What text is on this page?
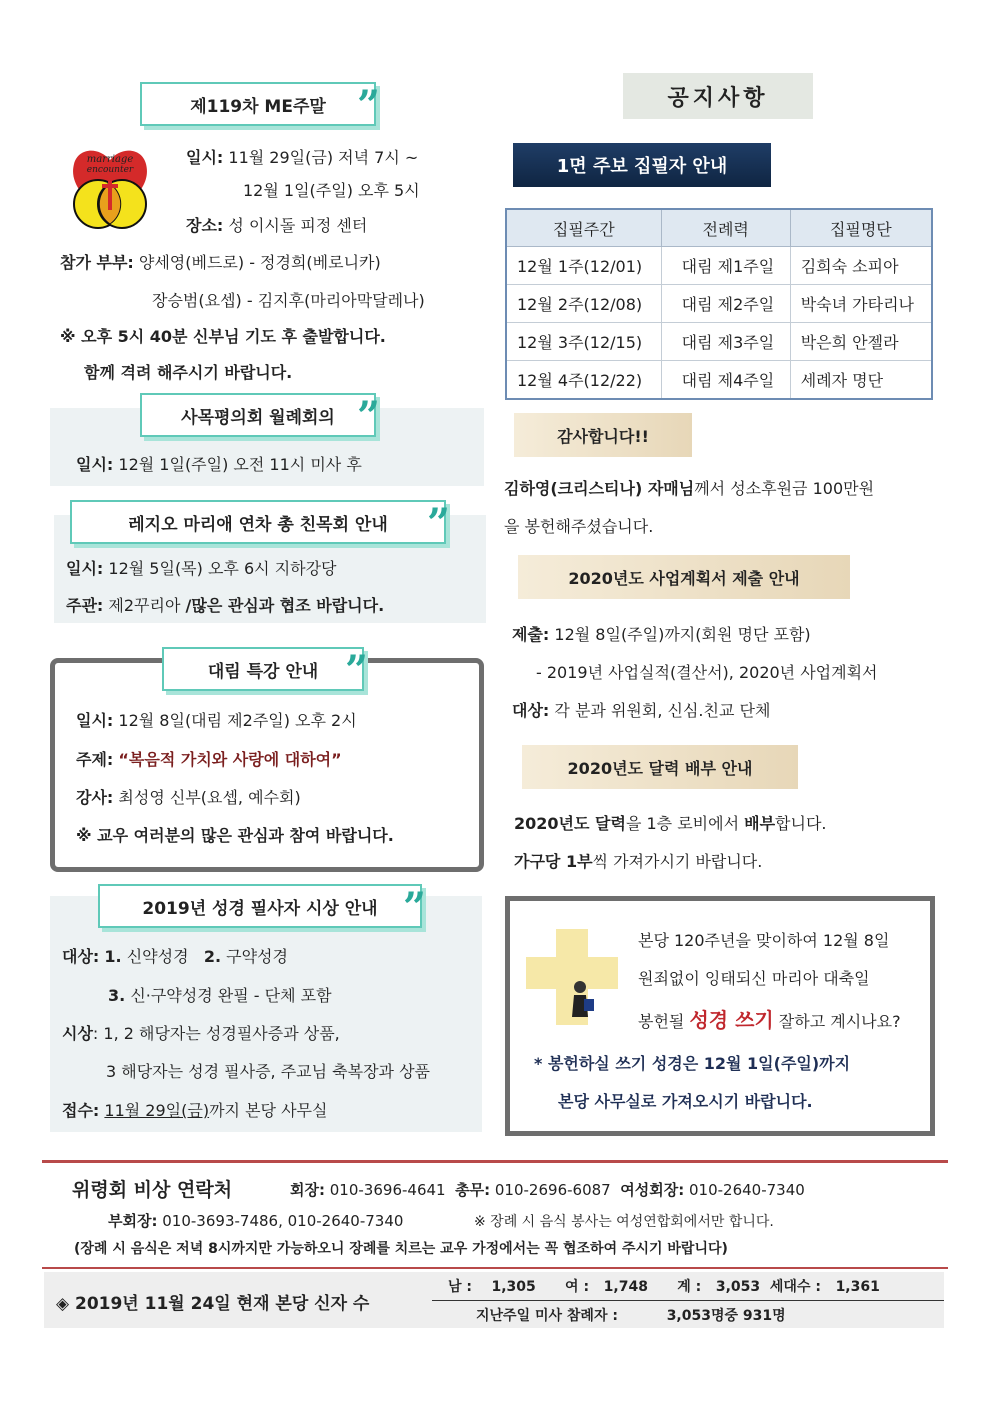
제119차 ME주말 ”
marriage
encounter
일시: 11월 29일(금) 저녁 7시 ~
12월 1일(주일) 오후 5시
장소: 성 이시돌 피정 센터
참가 부부: 양세영(베드로) - 정경희(베로니카)
장승범(요셉) - 김지후(마리아막달레나)
※ 오후 5시 40분 신부님 기도 후 출발합니다.
함께 격려 해주시기 바랍니다.
사목평의회 월례회의 ”
일시: 12월 1일(주일) 오전 11시 미사 후
레지오 마리애 연차 총 친목회 안내 ”
일시: 12월 5일(목) 오후 6시 지하강당
주관: 제2꾸리아 /많은 관심과 협조 바랍니다.
대림 특강 안내 ”
일시: 12월 8일(대림 제2주일) 오후 2시
주제: “복음적 가치와 사랑에 대하여”
강사: 최성영 신부(요셉, 예수회)
※ 교우 여러분의 많은 관심과 참여 바랍니다.
2019년 성경 필사자 시상 안내 ”
대상: 1. 신약성경 2. 구약성경
3. 신·구약성경 완필 - 단체 포함
시상: 1, 2 해당자는 성경필사증과 상품,
3 해당자는 성경 필사증, 주교님 축복장과 상품
접수: 11월 29일(금)까지 본당 사무실
공지사항
1면 주보 집필자 안내
집필주간	전례력	집필명단
12월 1주(12/01)	대림 제1주일	김희숙 소피아
12월 2주(12/08)	대림 제2주일	박숙녀 가타리나
12월 3주(12/15)	대림 제3주일	박은희 안젤라
12월 4주(12/22)	대림 제4주일	세례자 명단
감사합니다!!
김하영(크리스티나) 자매님께서 성소후원금 100만원
을 봉헌해주셨습니다.
2020년도 사업계획서 제출 안내
제출: 12월 8일(주일)까지(회원 명단 포함)
- 2019년 사업실적(결산서), 2020년 사업계획서
대상: 각 분과 위원회, 신심.친교 단체
2020년도 달력 배부 안내
2020년도 달력을 1층 로비에서 배부합니다.
가구당 1부씩 가져가시기 바랍니다.
본당 120주년을 맞이하여 12월 8일
원죄없이 잉태되신 마리아 대축일
봉헌될 성경 쓰기 잘하고 계시나요?
* 봉헌하실 쓰기 성경은 12월 1일(주일)까지
본당 사무실로 가져오시기 바랍니다.
위령회 비상 연락처	회장: 010-3696-4641 총무: 010-2696-6087 여성회장: 010-2640-7340
부회장: 010-3693-7486, 010-2640-7340	※ 장례 시 음식 봉사는 여성연합회에서만 합니다.
(장례 시 음식은 저녁 8시까지만 가능하오니 장례를 치르는 교우 가정에서는 꼭 협조하여 주시기 바랍니다)
◈ 2019년 11월 24일 현재 본당 신자 수
남 : 1,305 여 : 1,748 계 : 3,053 세대수 : 1,361
지난주일 미사 참례자 :	3,053명중 931명
